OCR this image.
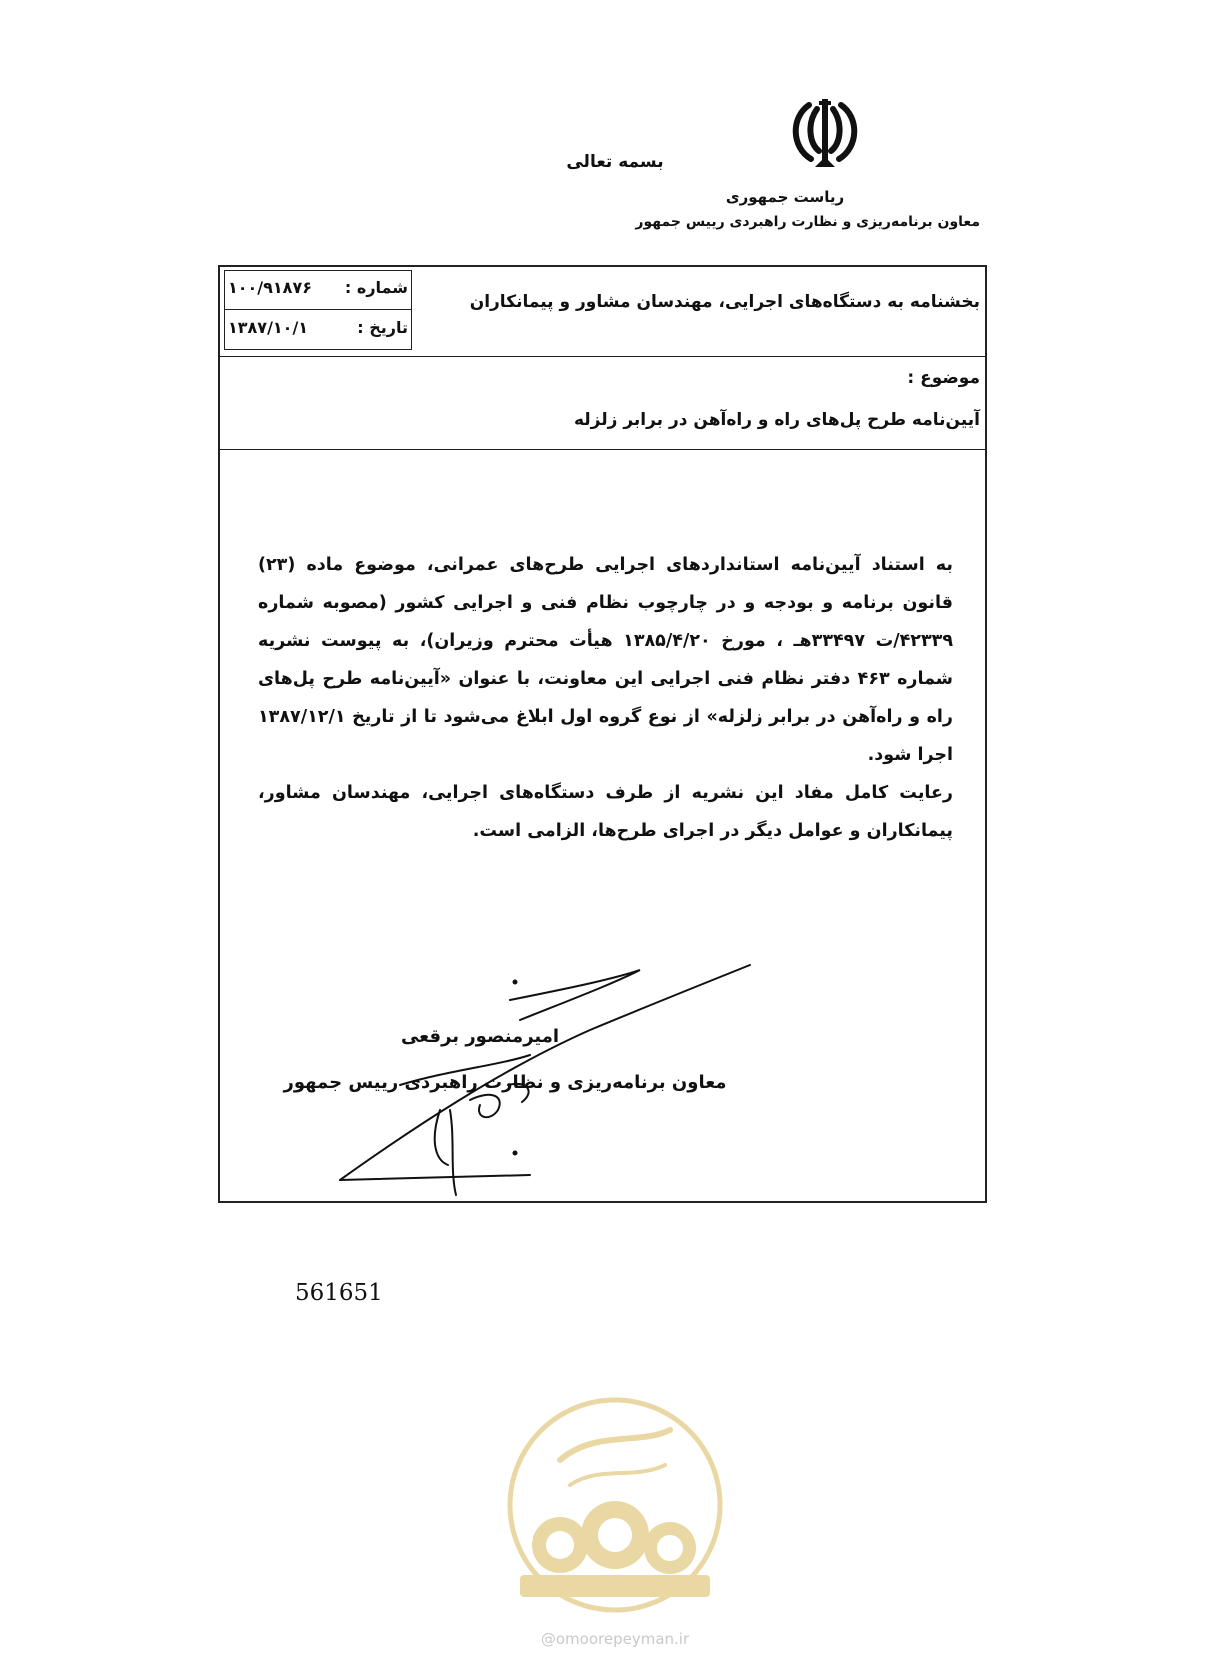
بسمه تعالی
ریاست جمهوری
معاون برنامه‌ریزی و نظارت راهبردی رییس جمهور
شماره :
۱۰۰/۹۱۸۷۶
تاریخ :
۱۳۸۷/۱۰/۱
بخشنامه به دستگاه‌های اجرایی، مهندسان مشاور و پیمانکاران
موضوع :
آیین‌نامه طرح پل‌های راه و راه‌آهن در برابر زلزله
به استناد آیین‌نامه استانداردهای اجرایی طرح‌های عمرانی، موضوع ماده (۲۳) قانون برنامه و بودجه و در چارچوب نظام فنی و اجرایی کشور (مصوبه شماره ۴۲۳۳۹/ت ۳۳۴۹۷هـ ، مورخ ۱۳۸۵/۴/۲۰ هیأت محترم وزیران)، به پیوست نشریه شماره ۴۶۳ دفتر نظام فنی اجرایی این معاونت، با عنوان «آیین‌نامه طرح پل‌های راه و راه‌آهن در برابر زلزله» از نوع گروه اول ابلاغ می‌شود تا از تاریخ ۱۳۸۷/۱۲/۱ اجرا شود.
رعایت کامل مفاد این نشریه از طرف دستگاه‌های اجرایی، مهندسان مشاور، پیمانکاران و عوامل دیگر در اجرای طرح‌ها، الزامی است.
امیرمنصور برقعی
معاون برنامه‌ریزی و نظارت راهبردی رییس جمهور
561651
@omoorepeyman.ir
